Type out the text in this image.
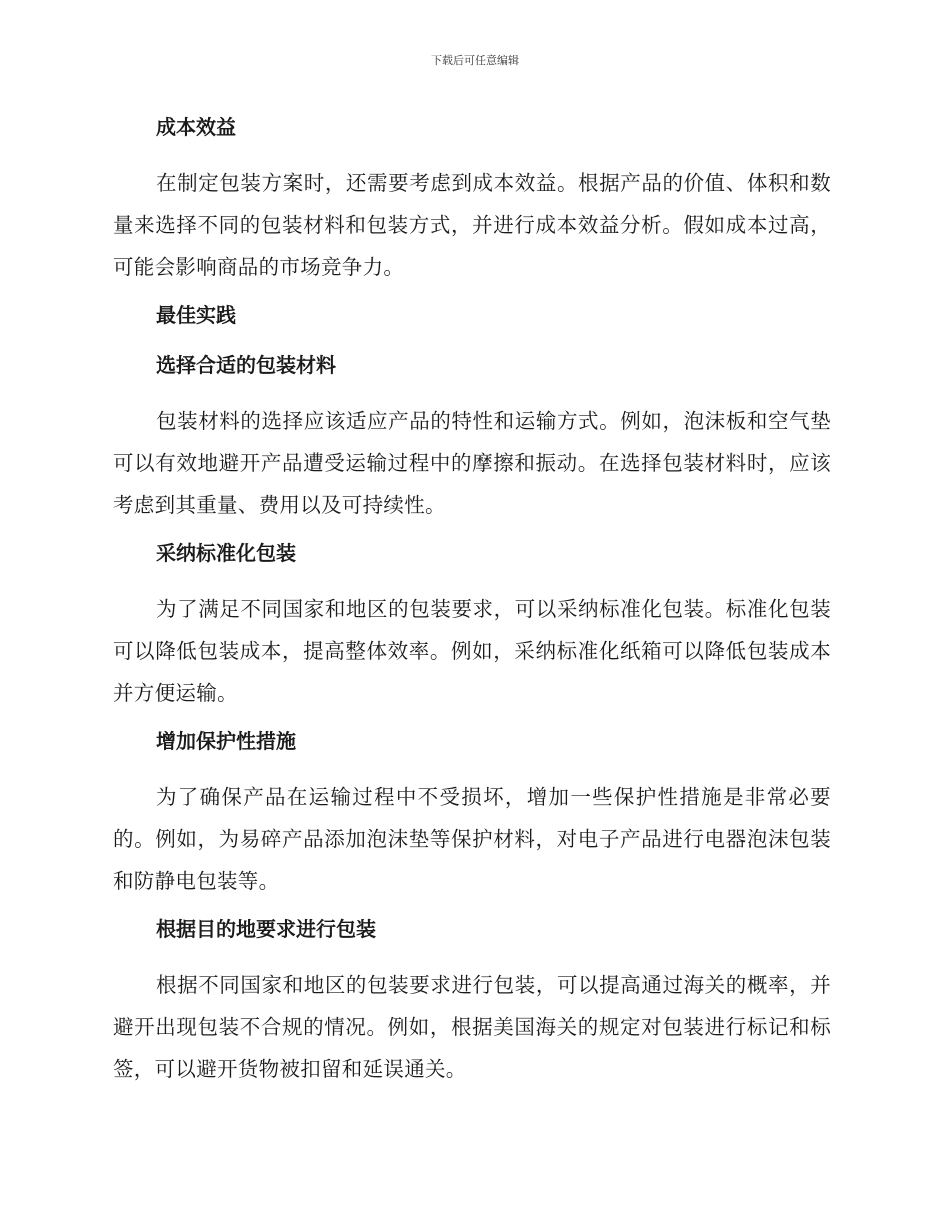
下载后可任意编辑
成本效益

在制定包装方案时，还需要考虑到成本效益。根据产品的价值、体积和数量来选择不同的包装材料和包装方式，并进行成本效益分析。假如成本过高，可能会影响商品的市场竞争力。

最佳实践
选择合适的包装材料

包装材料的选择应该适应产品的特性和运输方式。例如，泡沫板和空气垫可以有效地避开产品遭受运输过程中的摩擦和振动。在选择包装材料时，应该考虑到其重量、费用以及可持续性。

采纳标准化包装

为了满足不同国家和地区的包装要求，可以采纳标准化包装。标准化包装可以降低包装成本，提高整体效率。例如，采纳标准化纸箱可以降低包装成本并方便运输。

增加保护性措施

为了确保产品在运输过程中不受损坏，增加一些保护性措施是非常必要的。例如，为易碎产品添加泡沫垫等保护材料，对电子产品进行电器泡沫包装和防静电包装等。

根据目的地要求进行包装

根据不同国家和地区的包装要求进行包装，可以提高通过海关的概率，并避开出现包装不合规的情况。例如，根据美国海关的规定对包装进行标记和标签，可以避开货物被扣留和延误通关。
